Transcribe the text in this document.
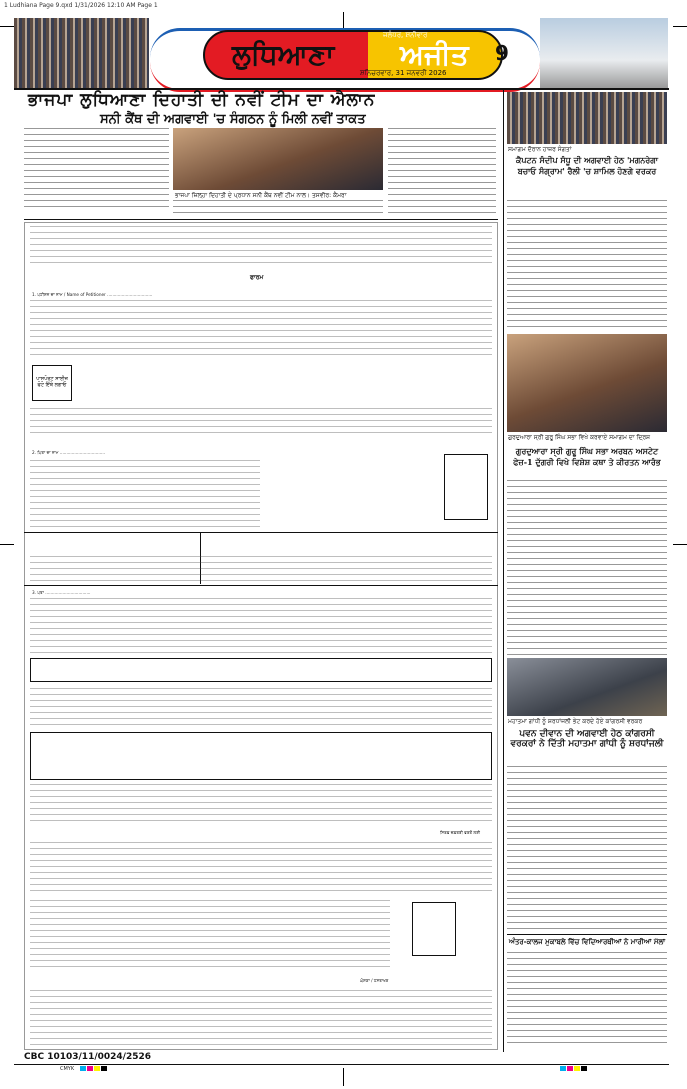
1 Ludhiana Page 9.qxd 1/31/2026 12:10 AM Page 1
ਲੁਧਿਆਣਾ ਅਜੀਤ
ਜਲੰਧਰ, ਸ਼ਨੀਵਾਰ
ਸ਼ਨਿਚਰਵਾਰ, 31 ਜਨਵਰੀ 2026
9
ਭਾਜਪਾ ਲੁਧਿਆਣਾ ਦਿਹਾਤੀ ਦੀ ਨਵੀਂ ਟੀਮ ਦਾ ਐਲਾਨ
ਸਨੀ ਕੈਂਥ ਦੀ ਅਗਵਾਈ 'ਚ ਸੰਗਠਨ ਨੂੰ ਮਿਲੀ ਨਵੀਂ ਤਾਕਤ
ਭਾਜਪਾ ਜ਼ਿਲ੍ਹਾ ਦਿਹਾਤੀ ਦੇ ਪ੍ਰਧਾਨ ਸਨੀ ਕੈਂਥ ਨਵੀਂ ਟੀਮ ਨਾਲ। ਤਸਵੀਰ: ਕੈਮਰਾ
ਫਾਰਮ
1. ਪਟੀਸ਼ਨ ਦਾ ਨਾਮ / Name of Petitioner ..................................
ਪਾਸਪੋਰਟ ਸਾਈਜ਼ ਫੋਟੋ ਇੱਥੇ ਲਗਾਓ
2. ਪਿਤਾ ਦਾ ਨਾਮ ..................................
3. ਪਤਾ ..................................
ਸਿਰਫ਼ ਦਫ਼ਤਰੀ ਵਰਤੋਂ ਲਈ
ਘੋਸ਼ਣਾ / ਹਸਤਾਖਰ
ਸਮਾਗਮ ਦੌਰਾਨ ਹਾਜ਼ਰ ਸੰਗਤਾਂ
ਕੈਪਟਨ ਸੰਦੀਪ ਸੰਧੂ ਦੀ ਅਗਵਾਈ ਹੇਠ 'ਮਗਨਰੇਗਾ ਬਚਾਓ ਸੰਗ੍ਰਾਮ' ਰੈਲੀ 'ਚ ਸ਼ਾਮਿਲ ਹੋਣਗੇ ਵਰਕਰ
ਗੁਰਦੁਆਰਾ ਸ੍ਰੀ ਗੁਰੂ ਸਿੰਘ ਸਭਾ ਵਿਖੇ ਕਰਵਾਏ ਸਮਾਗਮ ਦਾ ਦ੍ਰਿਸ਼
ਗੁਰਦੁਆਰਾ ਸ੍ਰੀ ਗੁਰੂ ਸਿੰਘ ਸਭਾ ਅਰਬਨ ਅਸਟੇਟ ਫੇਜ਼-1 ਦੁੱਗਰੀ ਵਿਖੇ ਵਿਸ਼ੇਸ਼ ਕਥਾ ਤੇ ਕੀਰਤਨ ਆਰੰਭ
ਮਹਾਤਮਾ ਗਾਂਧੀ ਨੂੰ ਸ਼ਰਧਾਂਜਲੀ ਭੇਟ ਕਰਦੇ ਹੋਏ ਕਾਂਗਰਸੀ ਵਰਕਰ
ਪਵਨ ਦੀਵਾਨ ਦੀ ਅਗਵਾਈ ਹੇਠ ਕਾਂਗਰਸੀ ਵਰਕਰਾਂ ਨੇ ਦਿੱਤੀ ਮਹਾਤਮਾ ਗਾਂਧੀ ਨੂੰ ਸ਼ਰਧਾਂਜਲੀ
ਅੰਤਰ-ਕਾਲਜ ਮੁਕਾਬਲੇ ਵਿੱਚ ਵਿਦਿਆਰਥੀਆਂ ਨੇ ਮਾਰੀਆਂ ਮੱਲਾਂ
CBC 10103/11/0024/2526
CMYK
